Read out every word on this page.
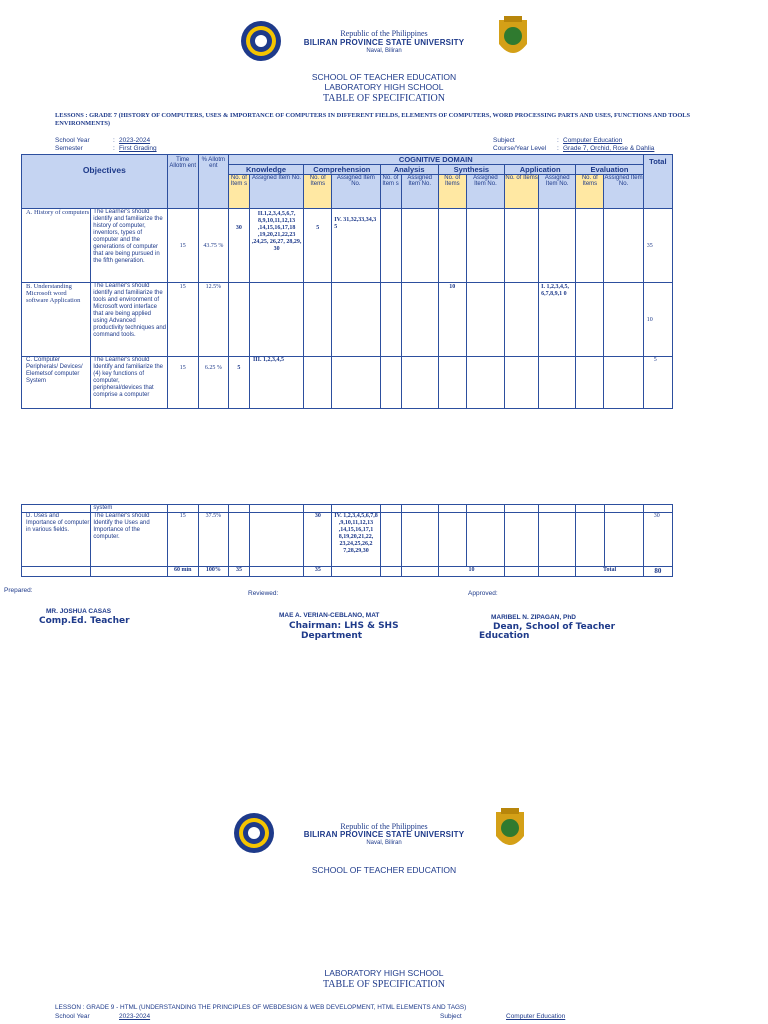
Republic of the Philippines
BILIRAN PROVINCE STATE UNIVERSITY
Naval, Biliran
SCHOOL OF TEACHER EDUCATION
LABORATORY HIGH SCHOOL
TABLE OF SPECIFICATION
LESSONS : GRADE 7 (HISTORY OF COMPUTERS, USES & IMPORTANCE OF COMPUTERS IN DIFFERENT FIELDS, ELEMENTS OF COMPUTERS, WORD PROCESSING PARTS AND USES, FUNCTIONS AND TOOLS ENVIRONMENTS)
School Year	: 2023-2024
Semester	: First Grading
Subject	: Computer Education
Course/Year Level : Grade 7, Orchid, Rose & Dahlia
Objectives		Time Allotm ent	% Allotm ent	COGNITIVE DOMAIN												Total

				Knowledge		Comprehension		Analysis		Synthesis		Application		Evaluation		
				No. of Item s	Assigned Item No.	No. of Items	Assigned Item No.	No. of Item s	Assigned Item No.	No. of Items	Assigned Item No.	No. of Items	Assigned Item No.	No. of Items	Assigned Item No.	
A. History of computers	The Learner's should identify and familiarize the history of computer, inventors, types of computer and the generations of computer that are being pursued in the fifth generation.	15	43.75 %	30	II.1,2,3,4,5,6,7, 8,9,10,11,12,13 ,14,15,16,17,18 ,19,20,21,22,23 ,24,25, 26,27, 28,29, 30	5	IV. 31,32,33,34,3 5									35
B. Understanding Microsoft word software Application	The Learner's should identify and familiarize the tools and environment of Microsoft word interface that are being applied using Advanced productivity techniques and command tools.	15	12.5%							10			I. 1,2,3,4,5, 6,7,8,9,1 0			10
C. Computer Peripherals/ Devices/ Elemetsof computer System	The Learner's should Identify and familiarize the (4) key functions of computer, peripheral/devices that comprise a computer	15	6.25 %	5	III. 1,2,3,4,5											5
	system															
D. Uses and Importance of computer in various fields.	The Learner's should Identify the Uses and Importance of the computer.	15	37.5%			30	IV. 1,2,3,4,5,6,7,8 ,9,10,11,12,13 ,14,15,16,17,1 8,19,20,21,22, 23,24,25,26,2 7,28,29,30									30
		60 min	100%	35		35				10				Total		80
Prepared:	Reviewed:	Approved:
MR. JOSHUA CASAS
Comp.Ed. Teacher
MAE A. VERIAN-CEBLANO, MAT
Chairman: LHS & SHS
Department
MARIBEL N. ZIPAGAN, PhD
Dean, School of Teacher
Education
Republic of the Philippines
BILIRAN PROVINCE STATE UNIVERSITY
Naval, Biliran
SCHOOL OF TEACHER EDUCATION
LABORATORY HIGH SCHOOL
TABLE OF SPECIFICATION
LESSON : GRADE 9 - HTML (UNDERSTANDING THE PRINCIPLES OF WEBDESIGN & WEB DEVELOPMENT, HTML ELEMENTS AND TAGS)
School Year	2023-2024	Subject	Computer Education
